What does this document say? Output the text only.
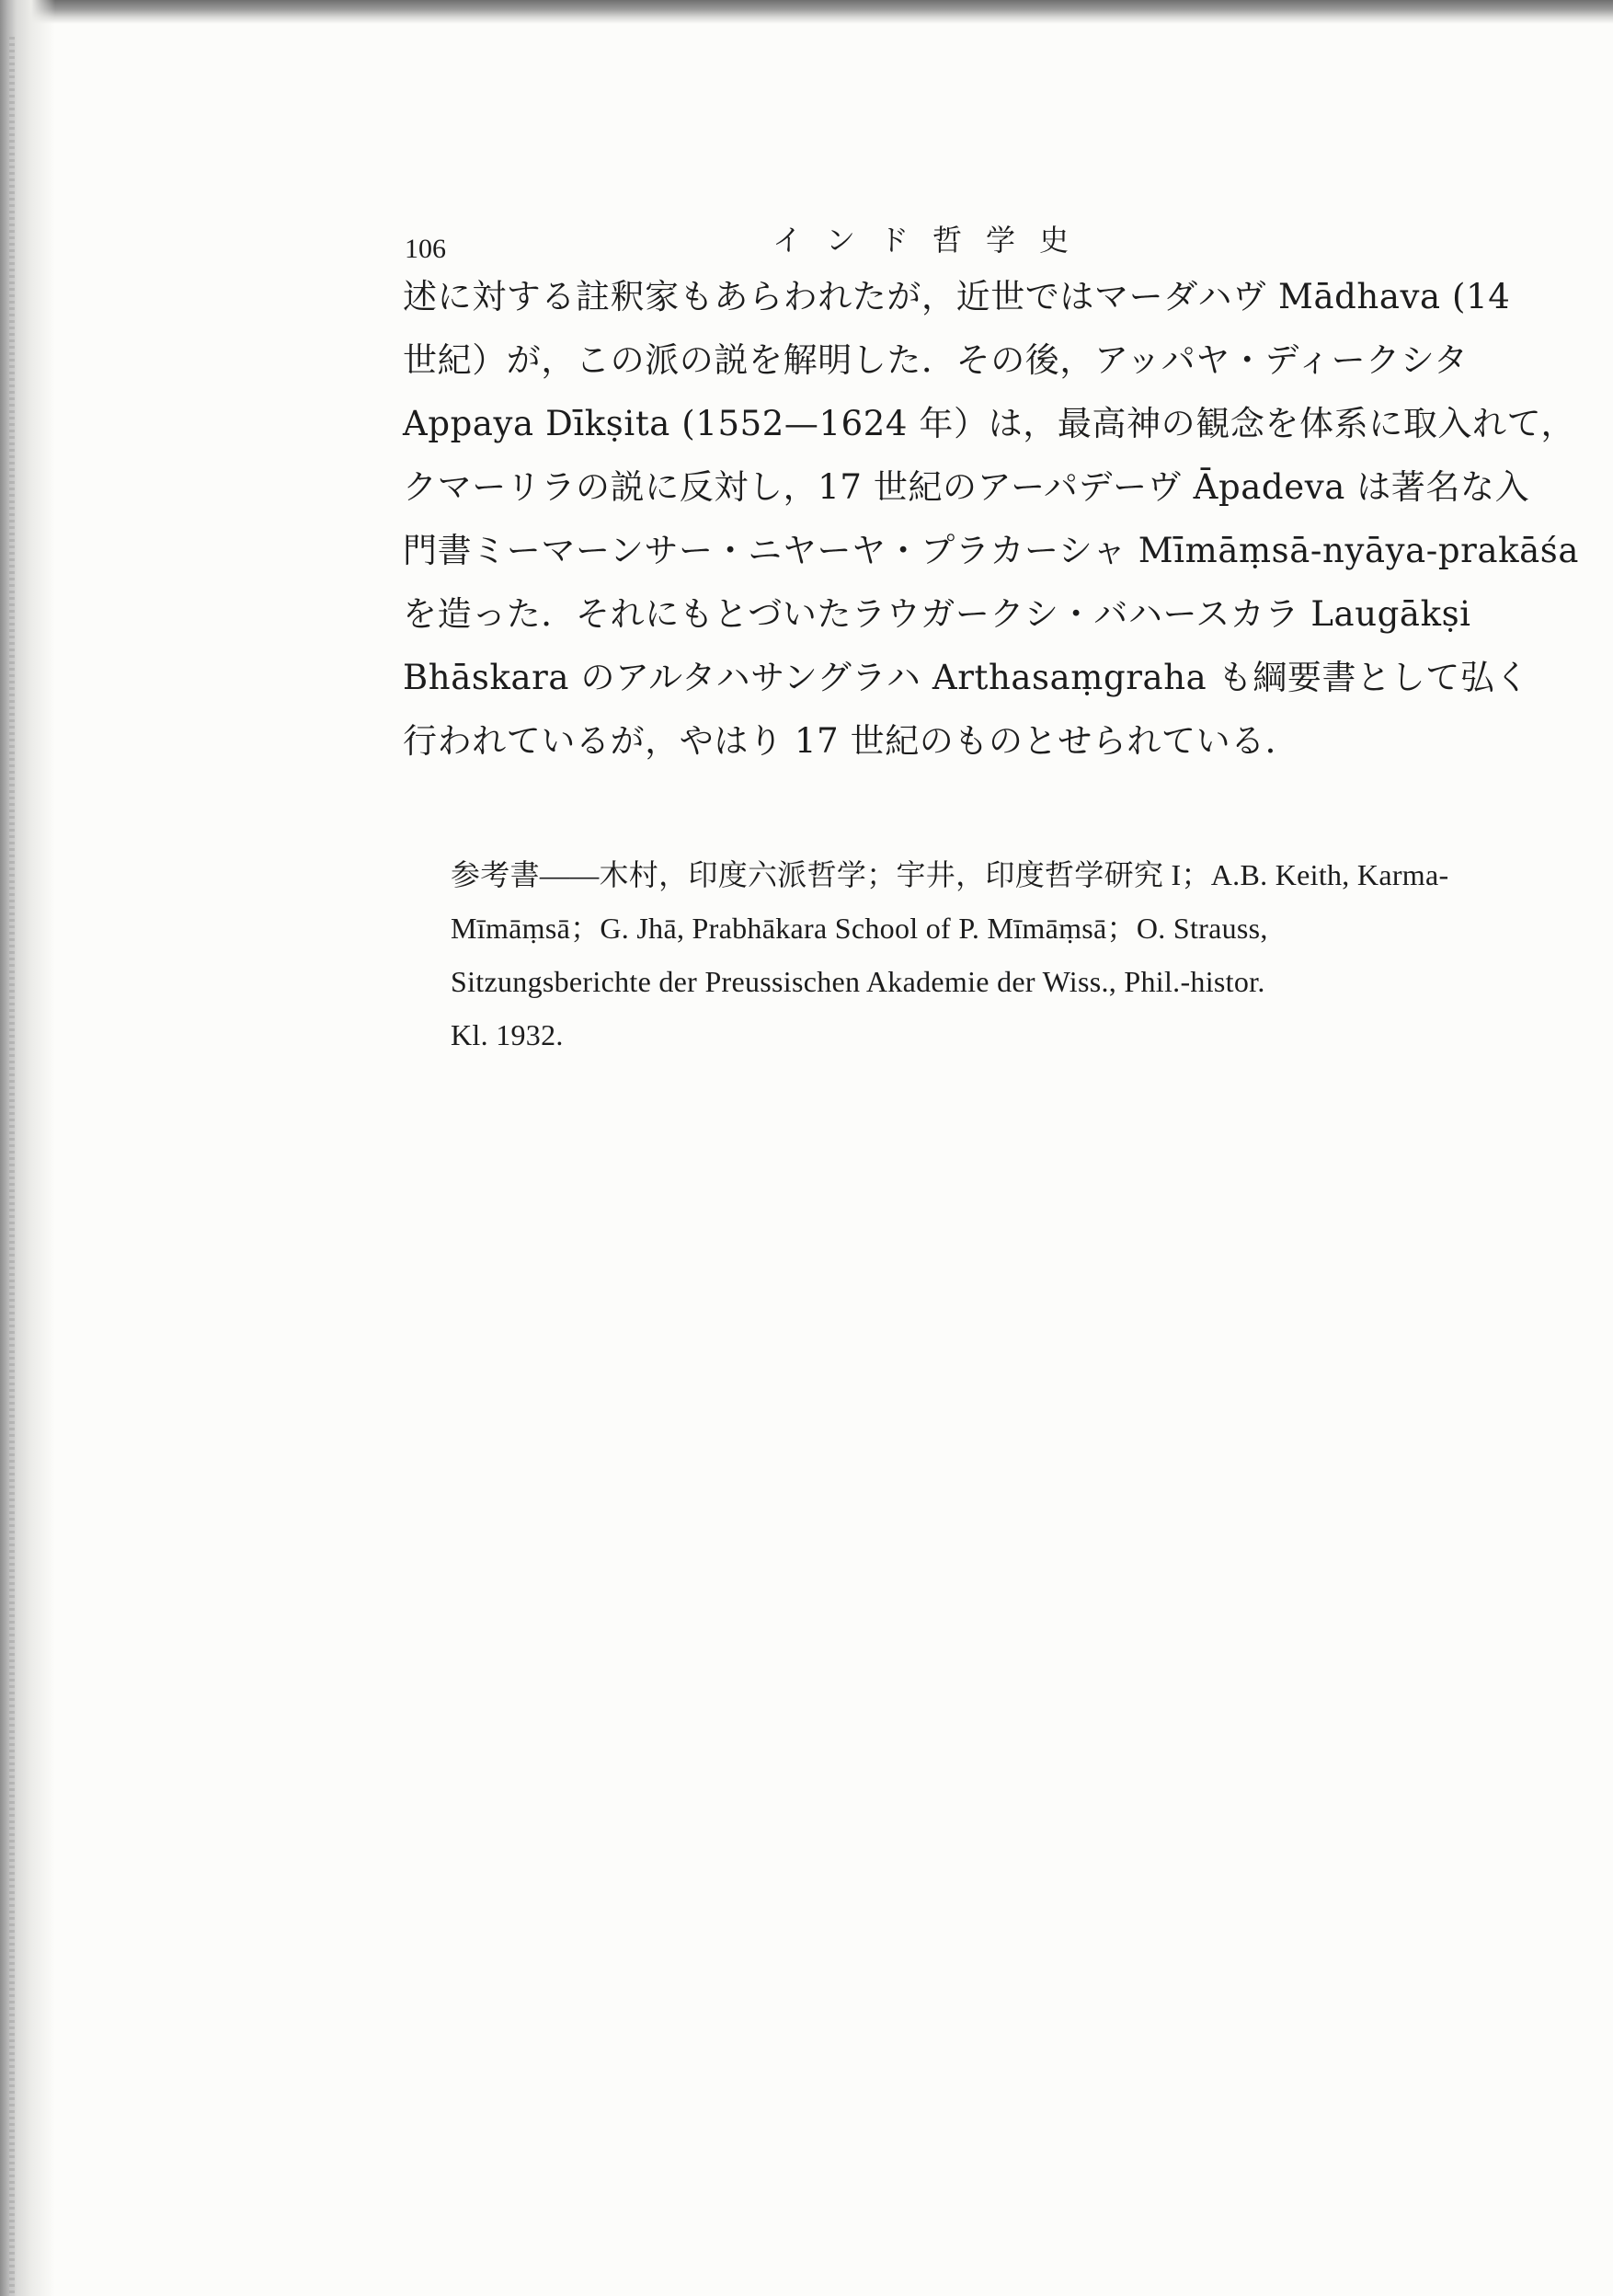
106	インド哲学史
述に対する註釈家もあらわれたが，近世ではマーダハヴ Mādhava (14
世紀）が，この派の説を解明した．その後，アッパヤ・ディークシタ
Appaya Dīkṣita (1552—1624 年）は，最高神の観念を体系に取入れて，
クマーリラの説に反対し，17 世紀のアーパデーヴ Āpadeva は著名な入
門書ミーマーンサー・ニヤーヤ・プラカーシャ Mīmāṃsā-nyāya-prakāśa
を造った．それにもとづいたラウガークシ・バハースカラ Laugākṣi
Bhāskara のアルタハサングラハ Arthasaṃgraha も綱要書として弘く
行われているが，やはり 17 世紀のものとせられている．
参考書――木村，印度六派哲学；宇井，印度哲学研究 I；A.B. Keith, Karma-
Mīmāṃsā；G. Jhā, Prabhākara School of P. Mīmāṃsā；O. Strauss,
Sitzungsberichte der Preussischen Akademie der Wiss., Phil.-histor.
Kl. 1932.
